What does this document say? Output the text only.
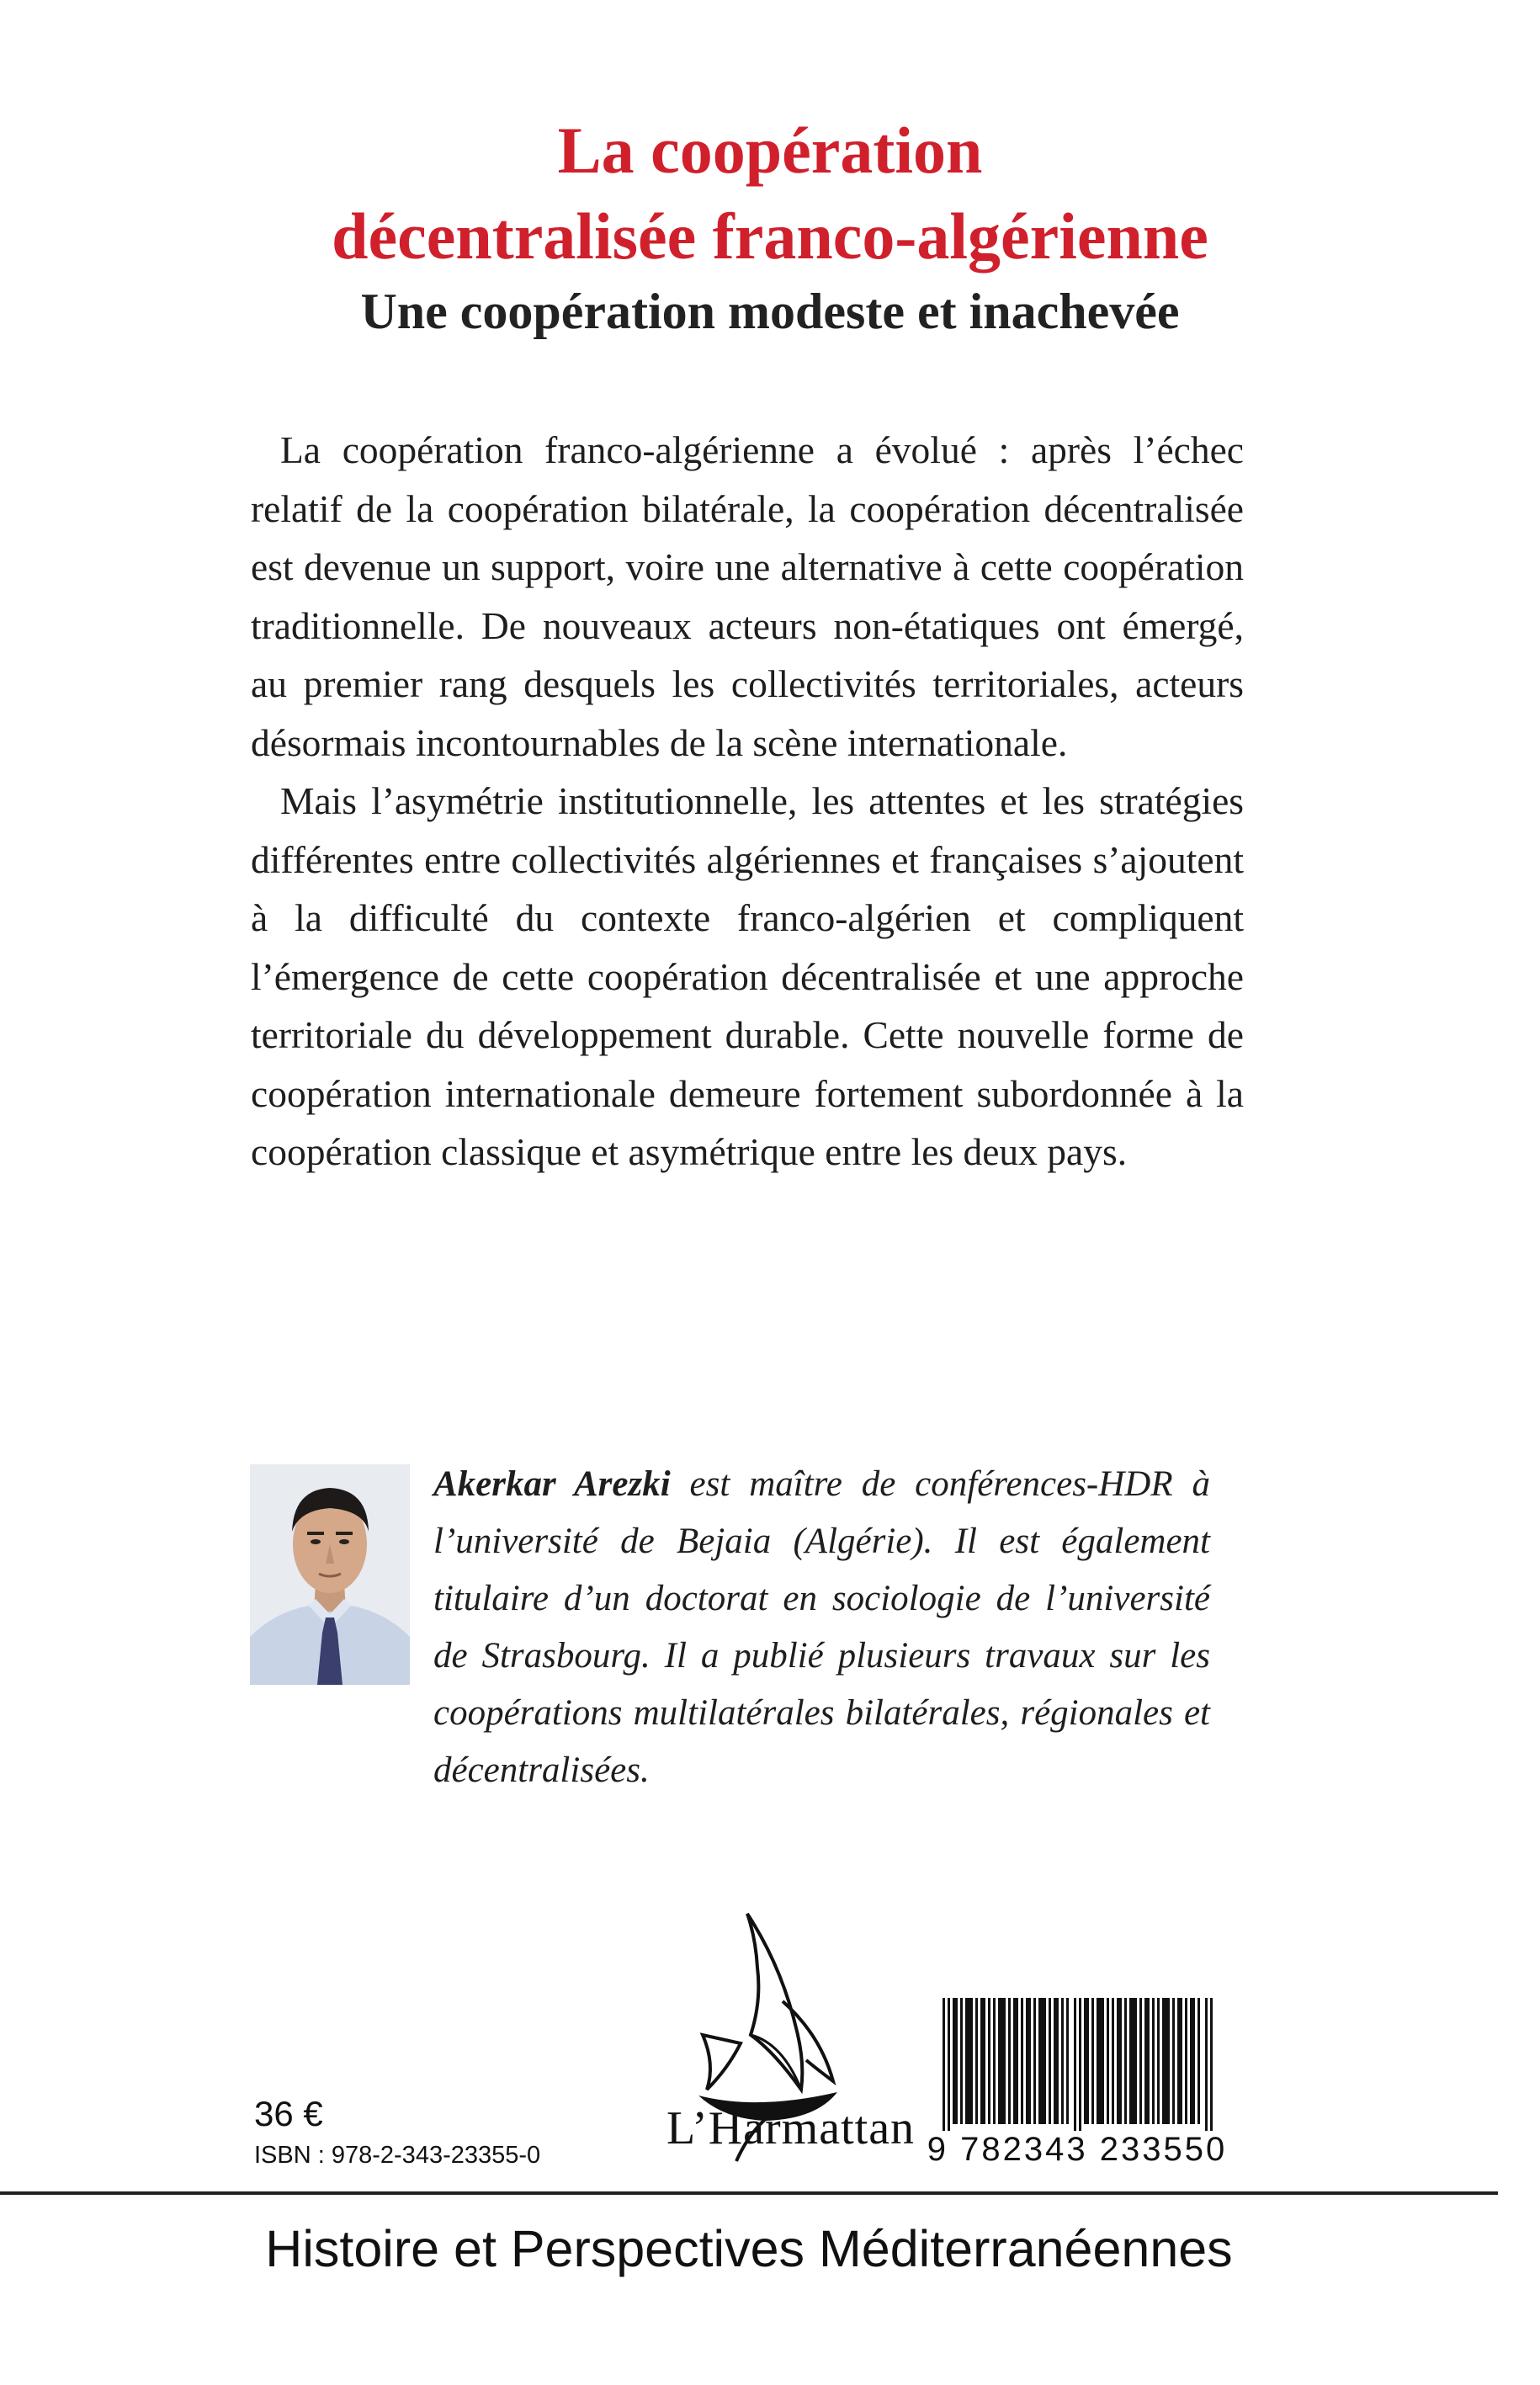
La coopération
décentralisée franco-algérienne
Une coopération modeste et inachevée

La coopération franco-algérienne a évolué : après l’échec relatif de la coopération bilatérale, la coopération décentralisée est devenue un support, voire une alternative à cette coopération traditionnelle. De nouveaux acteurs non-étatiques ont émergé, au premier rang desquels les collectivités territoriales, acteurs désormais incontournables de la scène internationale.

Mais l’asymétrie institutionnelle, les attentes et les stratégies différentes entre collectivités algériennes et françaises s’ajoutent à la difficulté du contexte franco-algérien et compliquent l’émergence de cette coopération décentralisée et une approche territoriale du développement durable. Cette nouvelle forme de coopération internationale demeure fortement subordonnée à la coopération classique et asymétrique entre les deux pays.

Akerkar Arezki est maître de conférences-HDR à l’université de Bejaia (Algérie). Il est également titulaire d’un doctorat en sociologie de l’université de Strasbourg. Il a publié plusieurs travaux sur les coopérations multilatérales bilatérales, régionales et décentralisées.

L’Harmattan
36 €
ISBN : 978-2-343-23355-0	9 782343 233550
Histoire et Perspectives Méditerranéennes
